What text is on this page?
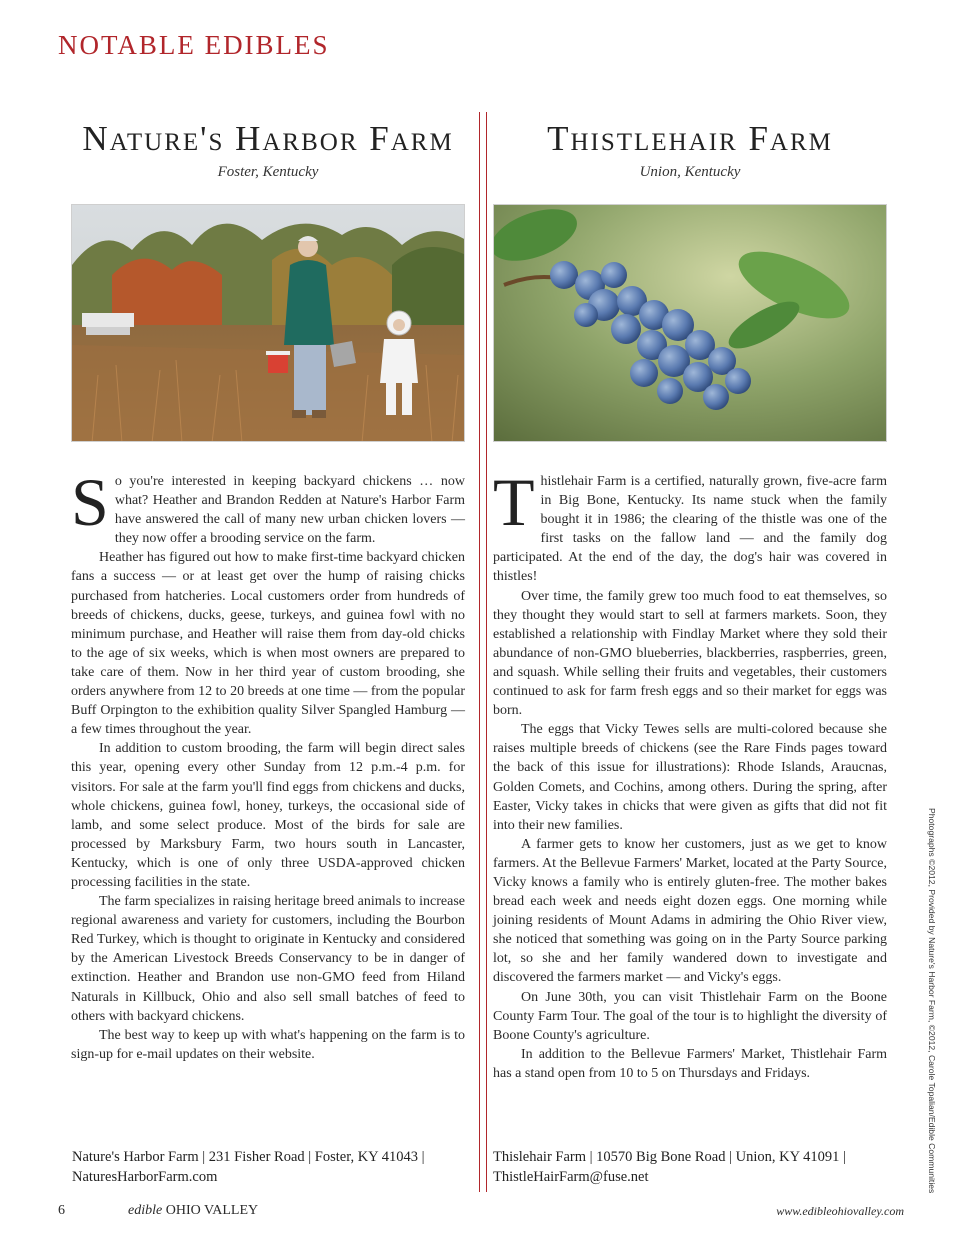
NOTABLE EDIBLES
Nature's Harbor Farm
Foster, Kentucky

So you're interested in keeping backyard chickens … now what? Heather and Brandon Redden at Nature's Harbor Farm have answered the call of many new urban chicken lovers — they now offer a brooding service on the farm.

Heather has figured out how to make first-time backyard chicken fans a success — or at least get over the hump of raising chicks purchased from hatcheries. Local customers order from hundreds of breeds of chickens, ducks, geese, turkeys, and guinea fowl with no minimum purchase, and Heather will raise them from day-old chicks to the age of six weeks, which is when most owners are prepared to take care of them. Now in her third year of custom brooding, she orders anywhere from 12 to 20 breeds at one time — from the popular Buff Orpington to the exhibition quality Silver Spangled Hamburg — a few times throughout the year.

In addition to custom brooding, the farm will begin direct sales this year, opening every other Sunday from 12 p.m.-4 p.m. for visitors. For sale at the farm you'll find eggs from chickens and ducks, whole chickens, guinea fowl, honey, turkeys, the occasional side of lamb, and some select produce. Most of the birds for sale are processed by Marksbury Farm, two hours south in Lancaster, Kentucky, which is one of only three USDA-approved chicken processing facilities in the state.

The farm specializes in raising heritage breed animals to increase regional awareness and variety for customers, including the Bourbon Red Turkey, which is thought to originate in Kentucky and considered by the American Livestock Breeds Conservancy to be in danger of extinction. Heather and Brandon use non-GMO feed from Hiland Naturals in Killbuck, Ohio and also sell small batches of feed to others with backyard chickens.

The best way to keep up with what's happening on the farm is to sign-up for e-mail updates on their website.

Thistlehair Farm
Union, Kentucky

Thistlehair Farm is a certified, naturally grown, five-acre farm in Big Bone, Kentucky. Its name stuck when the family bought it in 1986; the clearing of the thistle was one of the first tasks on the fallow land — and the family dog participated. At the end of the day, the dog's hair was covered in thistles!

Over time, the family grew too much food to eat themselves, so they thought they would start to sell at farmers markets. Soon, they established a relationship with Findlay Market where they sold their abundance of non-GMO blueberries, blackberries, raspberries, green, and squash. While selling their fruits and vegetables, their customers continued to ask for farm fresh eggs and so their market for eggs was born.

The eggs that Vicky Tewes sells are multi-colored because she raises multiple breeds of chickens (see the Rare Finds pages toward the back of this issue for illustrations): Rhode Islands, Araucnas, Golden Comets, and Cochins, among others. During the spring, after Easter, Vicky takes in chicks that were given as gifts that did not fit into their new families.

A farmer gets to know her customers, just as we get to know farmers. At the Bellevue Farmers' Market, located at the Party Source, Vicky knows a family who is entirely gluten-free. The mother bakes bread each week and needs eight dozen eggs. One morning while joining residents of Mount Adams in admiring the Ohio River view, she noticed that something was going on in the Party Source parking lot, so she and her family wandered down to investigate and discovered the farmers market — and Vicky's eggs.

On June 30th, you can visit Thistlehair Farm on the Boone County Farm Tour. The goal of the tour is to highlight the diversity of Boone County's agriculture.

In addition to the Bellevue Farmers' Market, Thistlehair Farm has a stand open from 10 to 5 on Thursdays and Fridays.

Nature's Harbor Farm | 231 Fisher Road | Foster, KY 41043 |
NaturesHarborFarm.com
Thislehair Farm | 10570 Big Bone Road | Union, KY 41091 |
ThistleHairFarm@fuse.net	Photographs ©2012, Provided by Nature's Harbor Farm, ©2012, Carole Topalian/Edible Communities
6	edible OHIO VALLEY	www.edibleohiovalley.com
